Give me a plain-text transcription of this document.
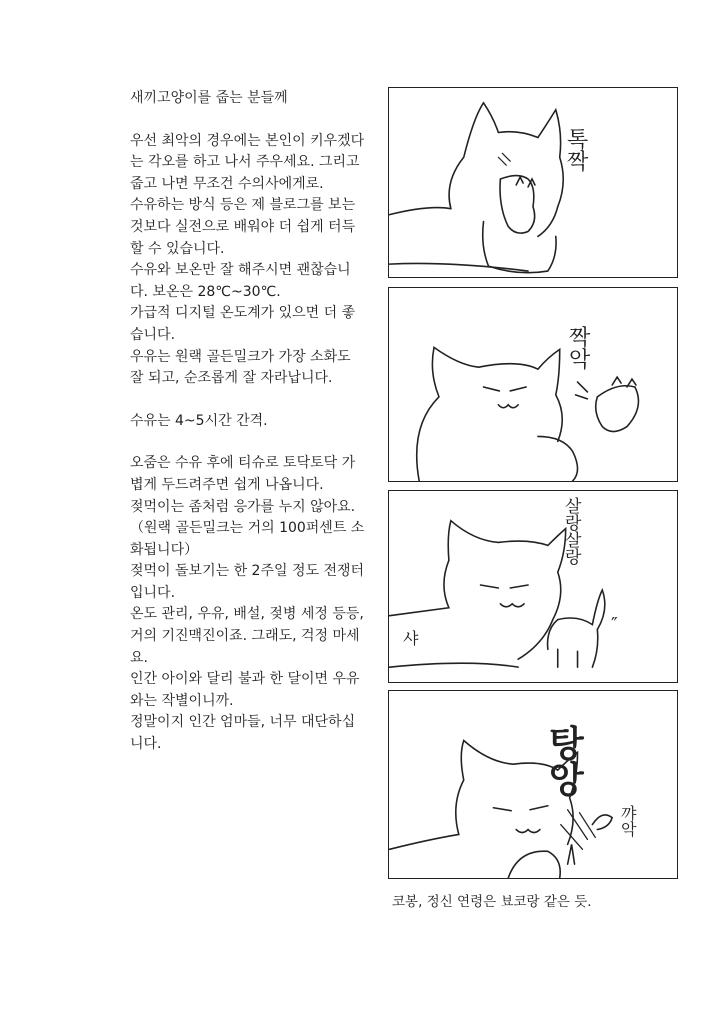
새끼고양이를 줍는 분들께

우선 최악의 경우에는 본인이 키우겠다
는 각오를 하고 나서 주우세요. 그리고
줍고 나면 무조건 수의사에게로.
수유하는 방식 등은 제 블로그를 보는
것보다 실전으로 배워야 더 쉽게 터득
할 수 있습니다.
수유와 보온만 잘 해주시면 괜찮습니
다. 보온은 28℃~30℃.
가급적 디지털 온도계가 있으면 더 좋
습니다.
우유는 원랙 골든밀크가 가장 소화도
잘 되고, 순조롭게 잘 자라납니다.

수유는 4~5시간 간격.

오줌은 수유 후에 티슈로 토닥토닥 가
볍게 두드려주면 쉽게 나옵니다.
젖먹이는 좀처럼 응가를 누지 않아요.
（원랙 골든밀크는 거의 100퍼센트 소
화됩니다）
젖먹이 돌보기는 한 2주일 정도 전쟁터
입니다.
온도 관리, 우유, 배설, 젖병 세정 등등,
거의 기진맥진이죠. 그래도, 걱정 마세
요.
인간 아이와 달리 불과 한 달이면 우유
와는 작별이니까.
정말이지 인간 엄마들, 너무 대단하십
니다.

톡
짝
짝
악
살
랑
살
랑
샤
″
탕
앙
꺄
악
코봉, 정신 연령은 뵤코랑 같은 듯.
